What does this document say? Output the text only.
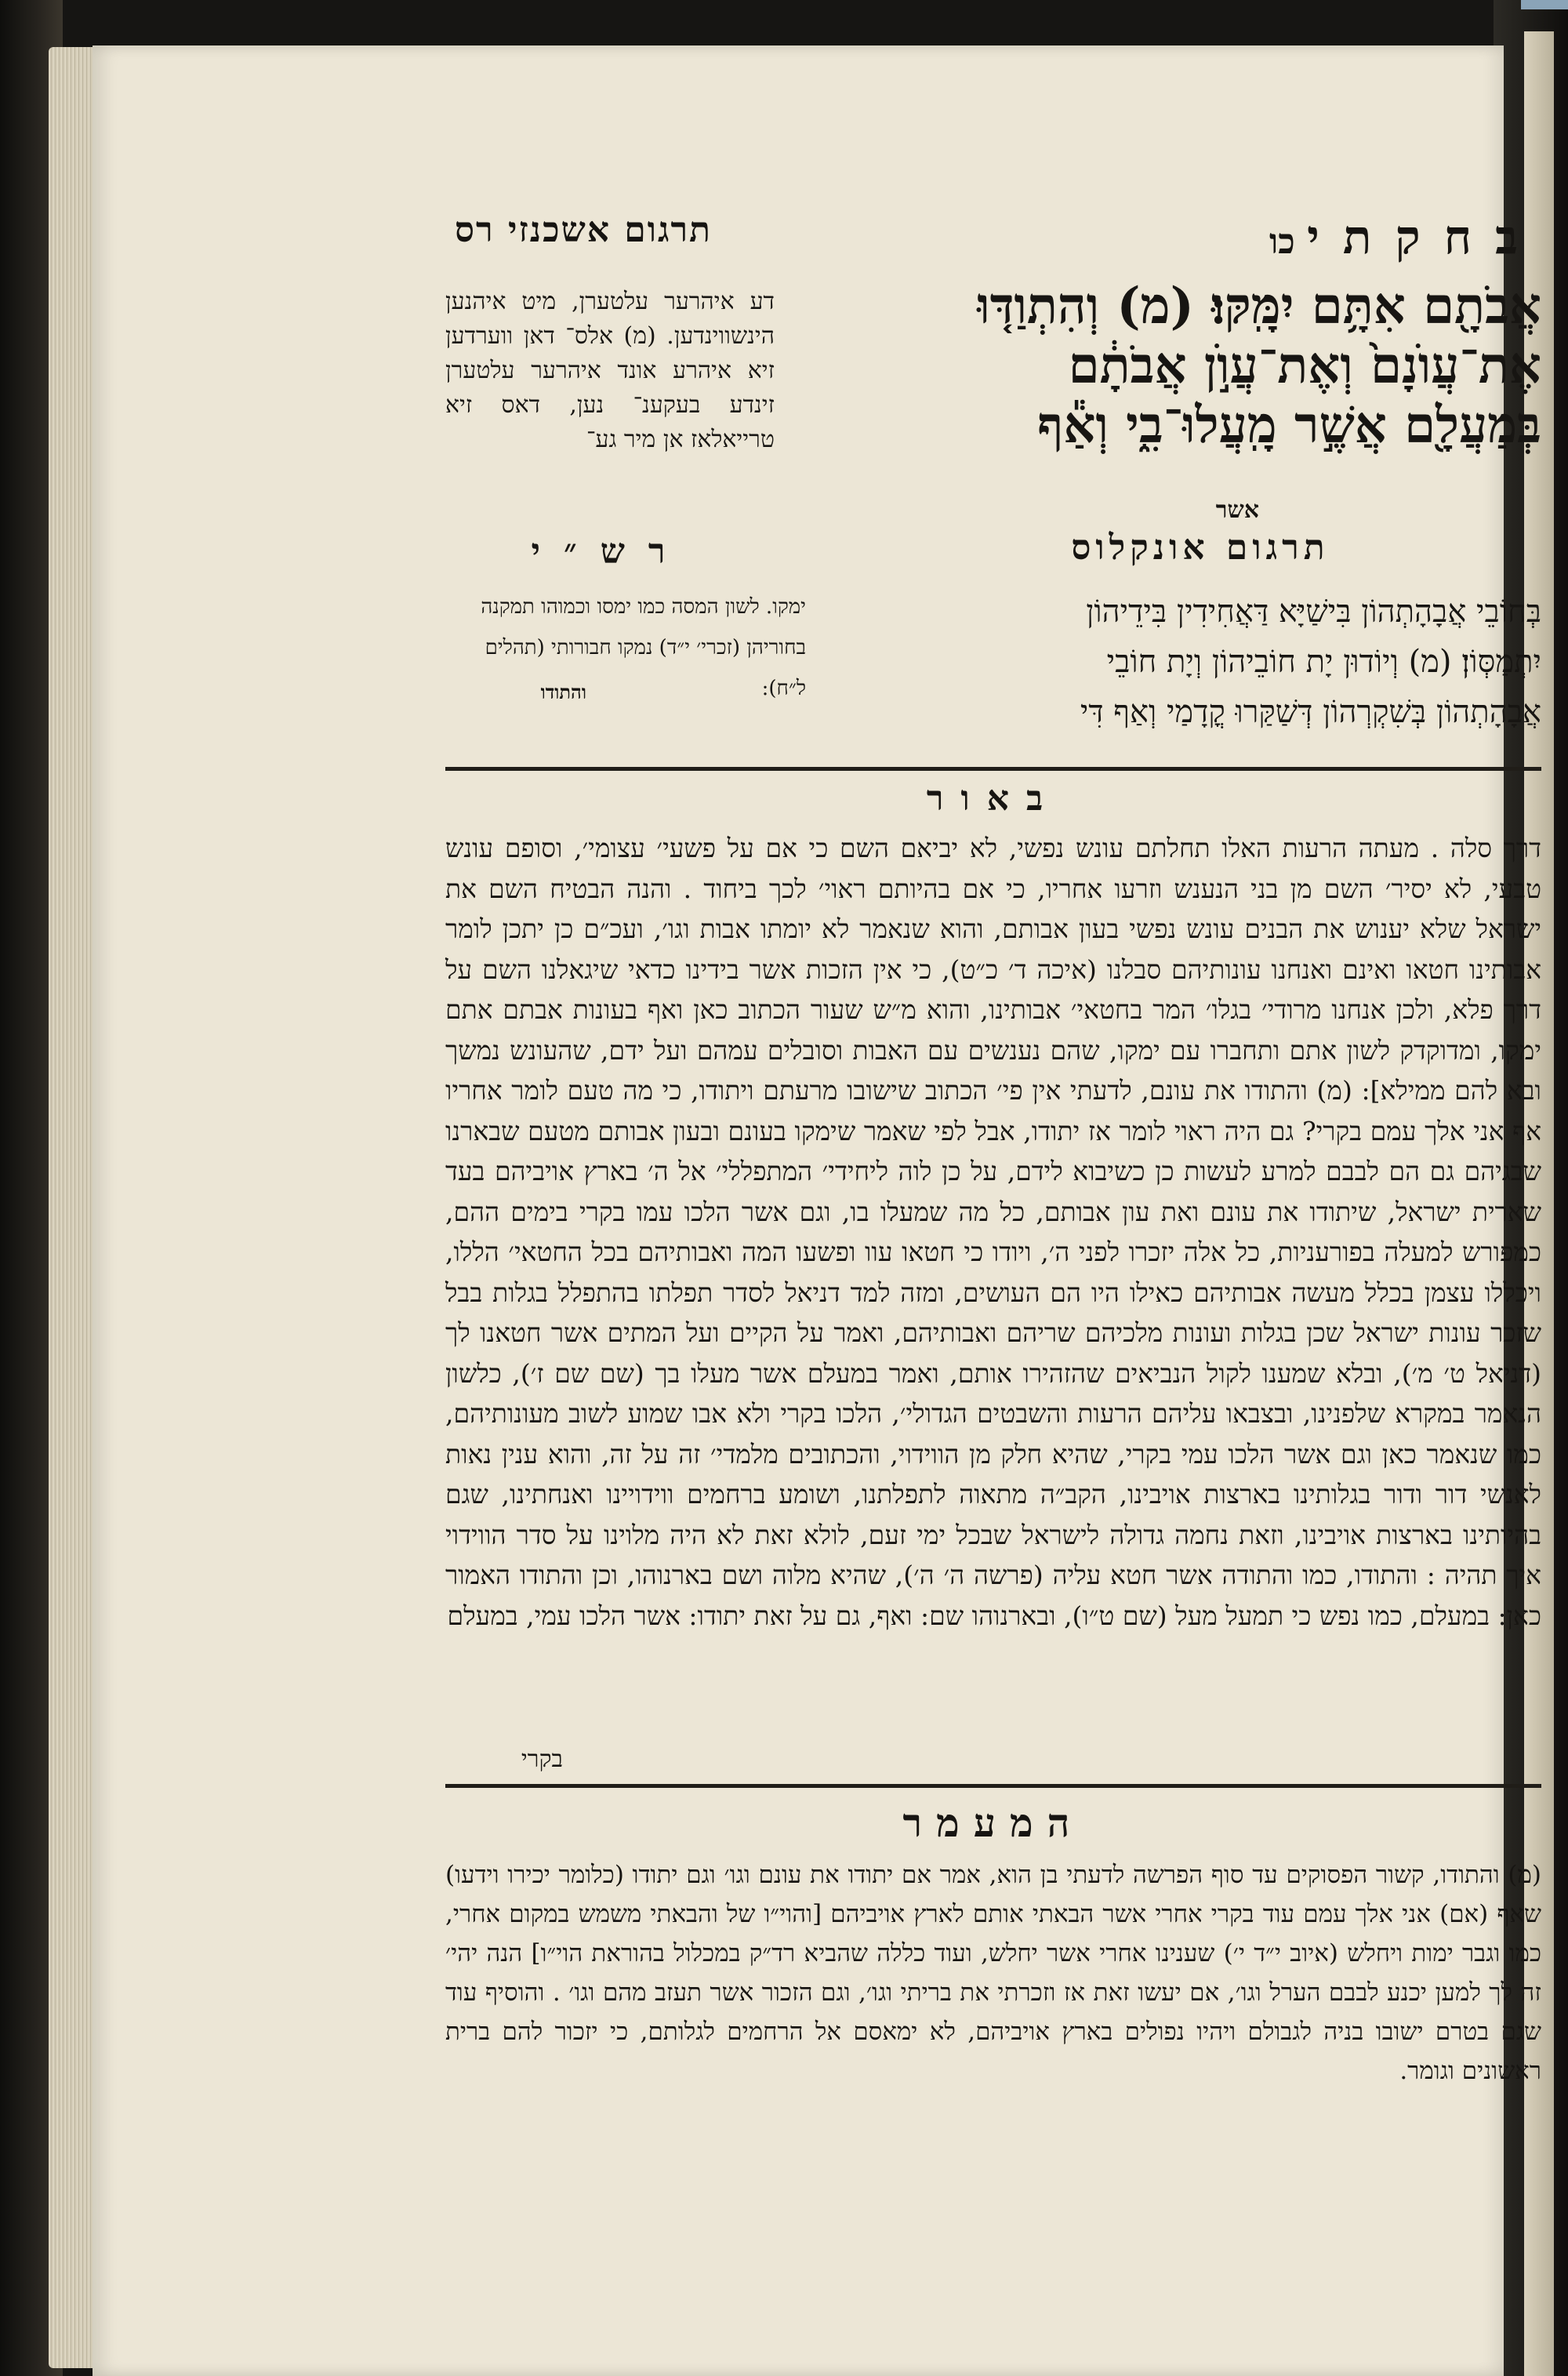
תרגום אשכנזי רס	בחקתי כו
אֲבֹתָ֖ם אִתָּ֥ם יִמָּֽקּוּ׃ (מ) וְהִתְוַדּ֤וּ
אֶת־עֲוֺנָם֙ וְאֶת־עֲוֺ֣ן אֲבֹתָ֔ם
בְּמַעֲלָ֖ם אֲשֶׁ֣ר מָֽעֲלוּ־בִ֑י וְאַ֕ף
אשר
דע איהרער עלטערן, מיט איהנען הינשווינדען. (מ) אלס־ דאן ווערדען זיא איהרע אונד איהרער עלטערן זינדע בעקענ־ נען, דאס זיא טרייאלאז אן מיר גע־
תרגום אונקלוס
בְּחוֹבֵי אֲבָהָתְהוֹן בִּישַׁיָּא דַּאֲחִידִין בִּידֵיהוֹן
יִתְמַסְּוֹן׃ (מ) וְיוֹדוּן יָת חוֹבֵיהוֹן וְיָת חוֹבֵי
אֲבָהָתְהוֹן בְּשִׁקְרְהוֹן דְּשַׁקַּרוּ קֳדָמַי וְאַף דִּי
רש״י
ימקו. לשון המסה כמו ימסו וכמוהו תמקנה בחוריהן (זכרי׳ י״ד) נמקו חבורותי (תהלים ל״ח):
והתודו
באור
דרך סלה . מעתה הרעות האלו תחלתם עונש נפשי, לא יביאם השם כי אם על פשעי׳ עצומי׳, וסופם עונש טבעי, לא יסיר׳ השם מן בני הנענש וזרעו אחריו, כי אם בהיותם ראוי׳ לכך ביחוד . והנה הבטיח השם את ישראל שלא יענוש את הבנים עונש נפשי בעון אבותם, והוא שנאמר לא יומתו אבות וגו׳, ועכ״ם כן יתכן לומר אבותינו חטאו ואינם ואנחנו עונותיהם סבלנו (איכה ד׳ כ״ט), כי אין הזכות אשר בידינו כדאי שיגאלנו השם על דרך פלא, ולכן אנחנו מרודי׳ בגלו׳ המר בחטאי׳ אבותינו, והוא מ״ש שעור הכתוב כאן ואף בעונות אבתם אתם ימקו, ומדוקדק לשון אתם ותחברו עם ימקו, שהם נענשים עם האבות וסובלים עמהם ועל ידם, שהעונש נמשך ובא להם ממילא]: (מ) והתודו את עונם, לדעתי אין פי׳ הכתוב שישובו מרעתם ויתודו, כי מה טעם לומר אחריו אף אני אלך עמם בקרי? גם היה ראוי לומר אז יתודו, אבל לפי שאמר שימקו בעונם ובעון אבותם מטעם שבארנו שבגיהם גם הם לבבם למרע לעשות כן כשיבוא לידם, על כן לוה ליחידי׳ המתפללי׳ אל ה׳ בארץ אויביהם בעד שארית ישראל, שיתודו את עונם ואת עון אבותם, כל מה שמעלו בו, וגם אשר הלכו עמו בקרי בימים ההם, כמפורש למעלה בפורעניות, כל אלה יזכרו לפני ה׳, ויודו כי חטאו עוו ופשעו המה ואבותיהם בכל החטאי׳ הללו, ויכללו עצמן בכלל מעשה אבותיהם כאילו היו הם העושים, ומזה למד דניאל לסדר תפלתו בהתפלל בגלות בבל שזכר עונות ישראל שכן בגלות ועונות מלכיהם שריהם ואבותיהם, ואמר על הקיים ועל המתים אשר חטאנו לך (דניאל ט׳ מ׳), ובלא שמענו לקול הנביאים שהזהירו אותם, ואמר במעלם אשר מעלו בך (שם שם ז׳), כלשון הנאמר במקרא שלפנינו, ובצבאו עליהם הרעות והשבטים הגדולי׳, הלכו בקרי ולא אבו שמוע לשוב מעונותיהם, כמו שנאמר כאן וגם אשר הלכו עמי בקרי, שהיא חלק מן הווידוי, והכתובים מלמדי׳ זה על זה, והוא ענין נאות לאנשי דור ודור בגלותינו בארצות אויבינו, הקב״ה מתאוה לתפלתנו, ושומע ברחמים ווידויינו ואנחתינו, שגם בהיותינו בארצות אויבינו, וזאת נחמה גדולה לישראל שבכל ימי זעם, לולא זאת לא היה מלוינו על סדר הווידוי איך תהיה : והתודו, כמו והתודה אשר חטא עליה (פרשה ה׳ ה׳), שהיא מלוה ושם בארנוהו, וכן והתודו האמור כאן: במעלם, כמו נפש כי תמעל מעל (שם ט״ו), ובארנוהו שם: ואף, גם על זאת יתודו: אשר הלכו עמי, במעלם
בקרי
המעמר
(מ) והתודו, קשור הפסוקים עד סוף הפרשה לדעתי בן הוא, אמר אם יתודו את עונם וגו׳ וגם יתודו (כלומר יכירו וידעו) שאף (אם) אני אלך עמם עוד בקרי אחרי אשר הבאתי אותם לארץ אויביהם [והוי״ו של והבאתי משמש במקום אחרי, כמו וגבר ימות ויחלש (איוב י״ד י׳) שענינו אחרי אשר יחלש, ועוד כללה שהביא רד״ק במכלול בהוראת הוי״ו] הנה יהי׳ זה לך למען יכנע לבבם הערל וגו׳, אם יעשו זאת אז וזכרתי את בריתי וגו׳, וגם הזכור אשר תעזב מהם וגו׳ . והוסיף עוד שגם בטרם ישובו בניה לגבולם ויהיו נפולים בארץ אויביהם, לא ימאסם אל הרחמים לגלותם, כי יזכור להם ברית ראשונים וגומר.
